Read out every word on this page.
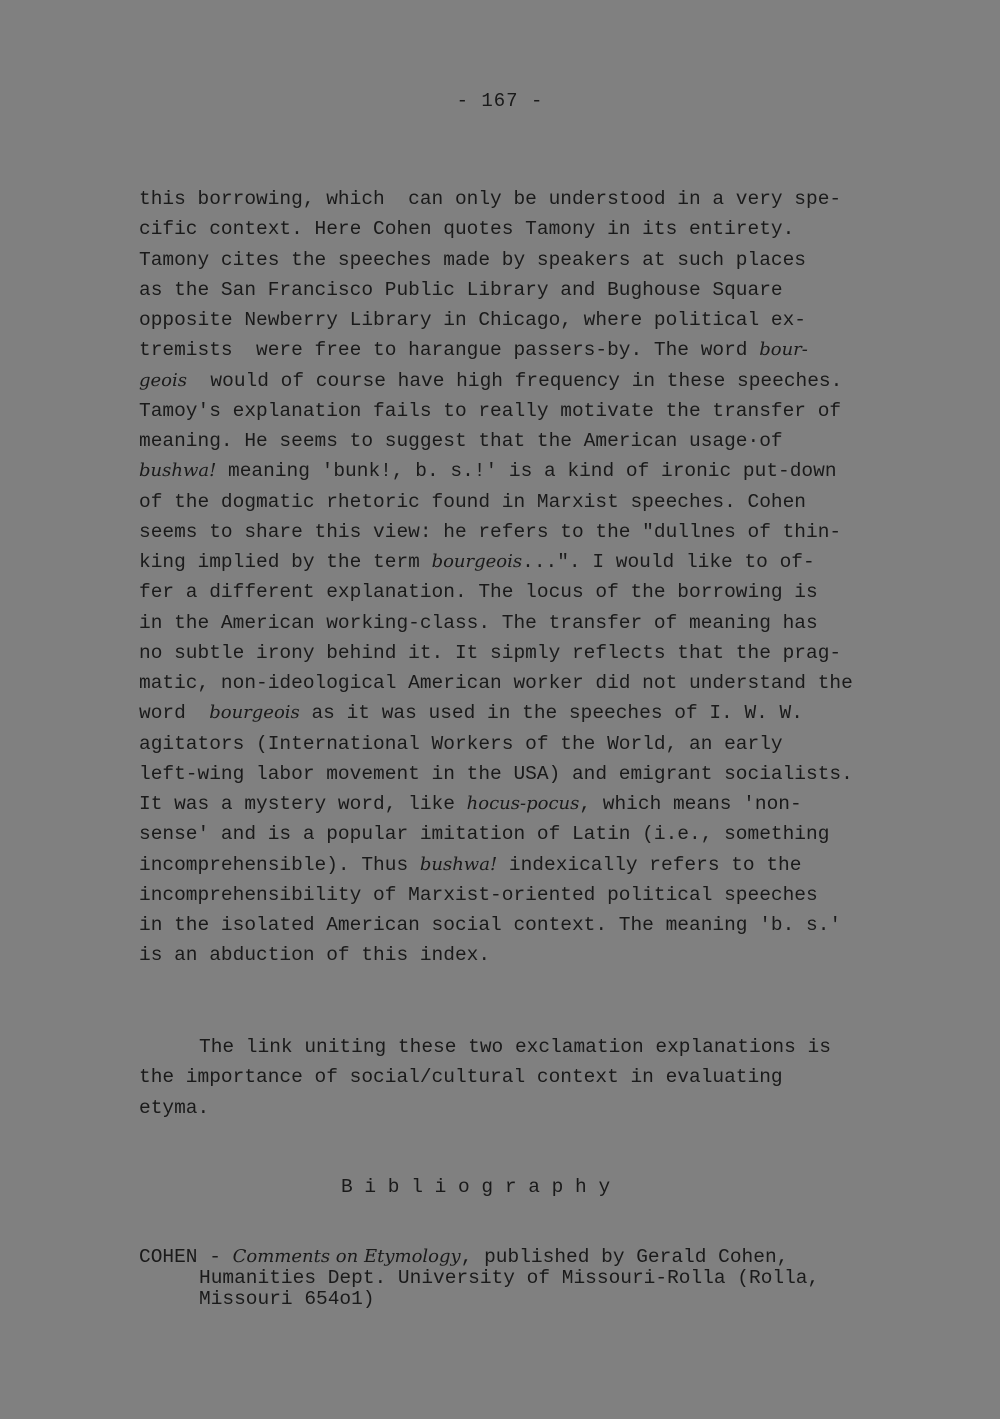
- 167 -
this borrowing, which  can only be understood in a very spe-
cific context. Here Cohen quotes Tamony in its entirety.
Tamony cites the speeches made by speakers at such places
as the San Francisco Public Library and Bughouse Square
opposite Newberry Library in Chicago, where political ex-
tremists  were free to harangue passers-by. The word bour-
geois  would of course have high frequency in these speeches.
Tamoy's explanation fails to really motivate the transfer of
meaning. He seems to suggest that the American usage·of
bushwa! meaning 'bunk!, b. s.!' is a kind of ironic put-down
of the dogmatic rhetoric found in Marxist speeches. Cohen
seems to share this view: he refers to the "dullnes of thin-
king implied by the term bourgeois...". I would like to of-
fer a different explanation. The locus of the borrowing is
in the American working-class. The transfer of meaning has
no subtle irony behind it. It sipmly reflects that the prag-
matic, non-ideological American worker did not understand the
word  bourgeois as it was used in the speeches of I. W. W.
agitators (International Workers of the World, an early
left-wing labor movement in the USA) and emigrant socialists.
It was a mystery word, like hocus-pocus, which means 'non-
sense' and is a popular imitation of Latin (i.e., something
incomprehensible). Thus bushwa! indexically refers to the
incomprehensibility of Marxist-oriented political speeches
in the isolated American social context. The meaning 'b. s.'
is an abduction of this index.
The link uniting these two exclamation explanations is
the importance of social/cultural context in evaluating
etyma.
B i b l i o g r a p h y
COHEN - Comments on Etymology, published by Gerald Cohen,
Humanities Dept. University of Missouri-Rolla (Rolla,
Missouri 654o1)
